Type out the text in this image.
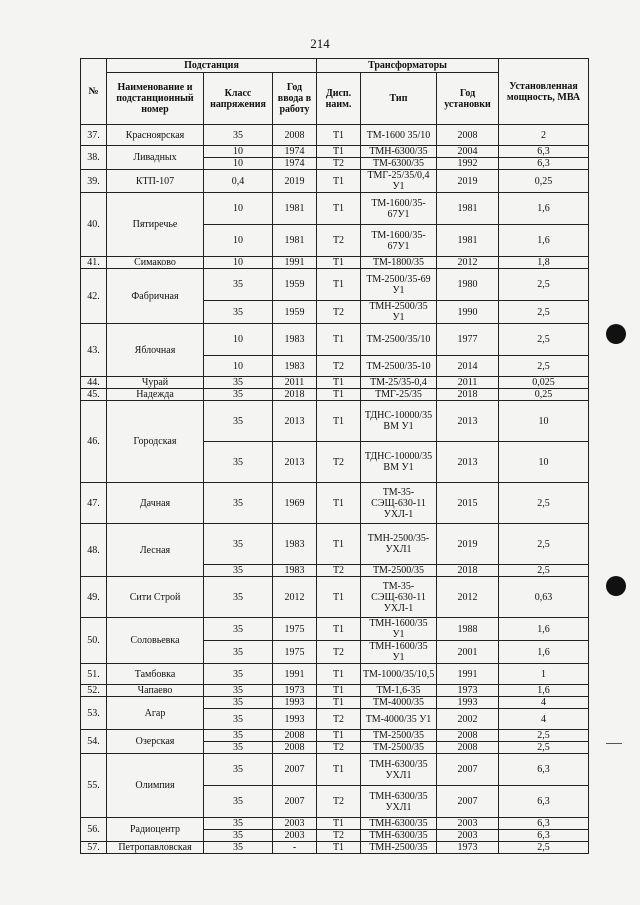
214
№	Подстанция			Трансформаторы			Установленная мощность, МВА
	Наименование и подстанционный номер	Класс напряжения	Год ввода в работу	Дисп. наим.	Тип	Год установки	
37.	Красноярская	35	2008	Т1	ТМ-1600 35/10	2008	2
38.	Ливадных	10	1974	Т1	ТМН-6300/35	2004	6,3
		10	1974	Т2	ТМ-6300/35	1992	6,3
39.	КТП-107	0,4	2019	Т1	ТМГ-25/35/0,4 У1	2019	0,25
40.	Пятиречье	10	1981	Т1	ТМ-1600/35-67У1	1981	1,6
		10	1981	Т2	ТМ-1600/35-67У1	1981	1,6
41.	Симаково	10	1991	Т1	ТМ-1800/35	2012	1,8
42.	Фабричная	35	1959	Т1	ТМ-2500/35-69 У1	1980	2,5
		35	1959	Т2	ТМН-2500/35 У1	1990	2,5
43.	Яблочная	10	1983	Т1	ТМ-2500/35/10	1977	2,5
		10	1983	Т2	ТМ-2500/35-10	2014	2,5
44.	Чурай	35	2011	Т1	ТМ-25/35-0,4	2011	0,025
45.	Надежда	35	2018	Т1	ТМГ-25/35	2018	0,25
46.	Городская	35	2013	Т1	ТДНС-10000/35 ВМ У1	2013	10
		35	2013	Т2	ТДНС-10000/35 ВМ У1	2013	10
47.	Дачная	35	1969	Т1	ТМ-35-СЭЩ-630-11 УХЛ-1	2015	2,5
48.	Лесная	35	1983	Т1	ТМН-2500/35-УХЛ1	2019	2,5
		35	1983	Т2	ТМ-2500/35	2018	2,5
49.	Сити Строй	35	2012	Т1	ТМ-35-СЭЩ-630-11 УХЛ-1	2012	0,63
50.	Соловьевка	35	1975	Т1	ТМН-1600/35 У1	1988	1,6
		35	1975	Т2	ТМН-1600/35 У1	2001	1,6
51.	Тамбовка	35	1991	Т1	ТМ-1000/35/10,5	1991	1
52.	Чапаево	35	1973	Т1	ТМ-1,6-35	1973	1,6
53.	Агар	35	1993	Т1	ТМ-4000/35	1993	4
		35	1993	Т2	ТМ-4000/35 У1	2002	4
54.	Озерская	35	2008	Т1	ТМ-2500/35	2008	2,5
		35	2008	Т2	ТМ-2500/35	2008	2,5
55.	Олимпия	35	2007	Т1	ТМН-6300/35 УХЛ1	2007	6,3
		35	2007	Т2	ТМН-6300/35 УХЛ1	2007	6,3
56.	Радиоцентр	35	2003	Т1	ТМН-6300/35	2003	6,3
		35	2003	Т2	ТМН-6300/35	2003	6,3
57.	Петропавловская	35	-	Т1	ТМН-2500/35	1973	2,5
